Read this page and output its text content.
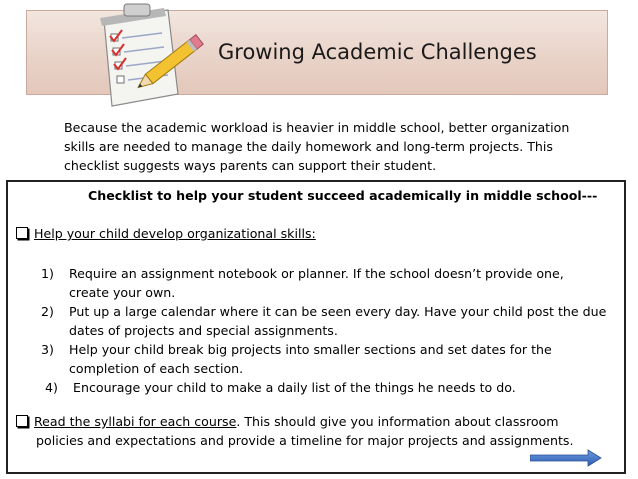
Growing Academic Challenges
Because the academic workload is heavier in middle school, better organization skills are needed to manage the daily homework and long-term projects. This checklist suggests ways parents can support their student.
Checklist to help your student succeed academically in middle school---
Help your child develop organizational skills:
1) Require an assignment notebook or planner. If the school doesn’t provide one,
create your own.
2) Put up a large calendar where it can be seen every day. Have your child post the due
dates of projects and special assignments.
3) Help your child break big projects into smaller sections and set dates for the
completion of each section.
4) Encourage your child to make a daily list of the things he needs to do.
Read the syllabi for each course. This should give you information about classroom
policies and expectations and provide a timeline for major projects and assignments.
